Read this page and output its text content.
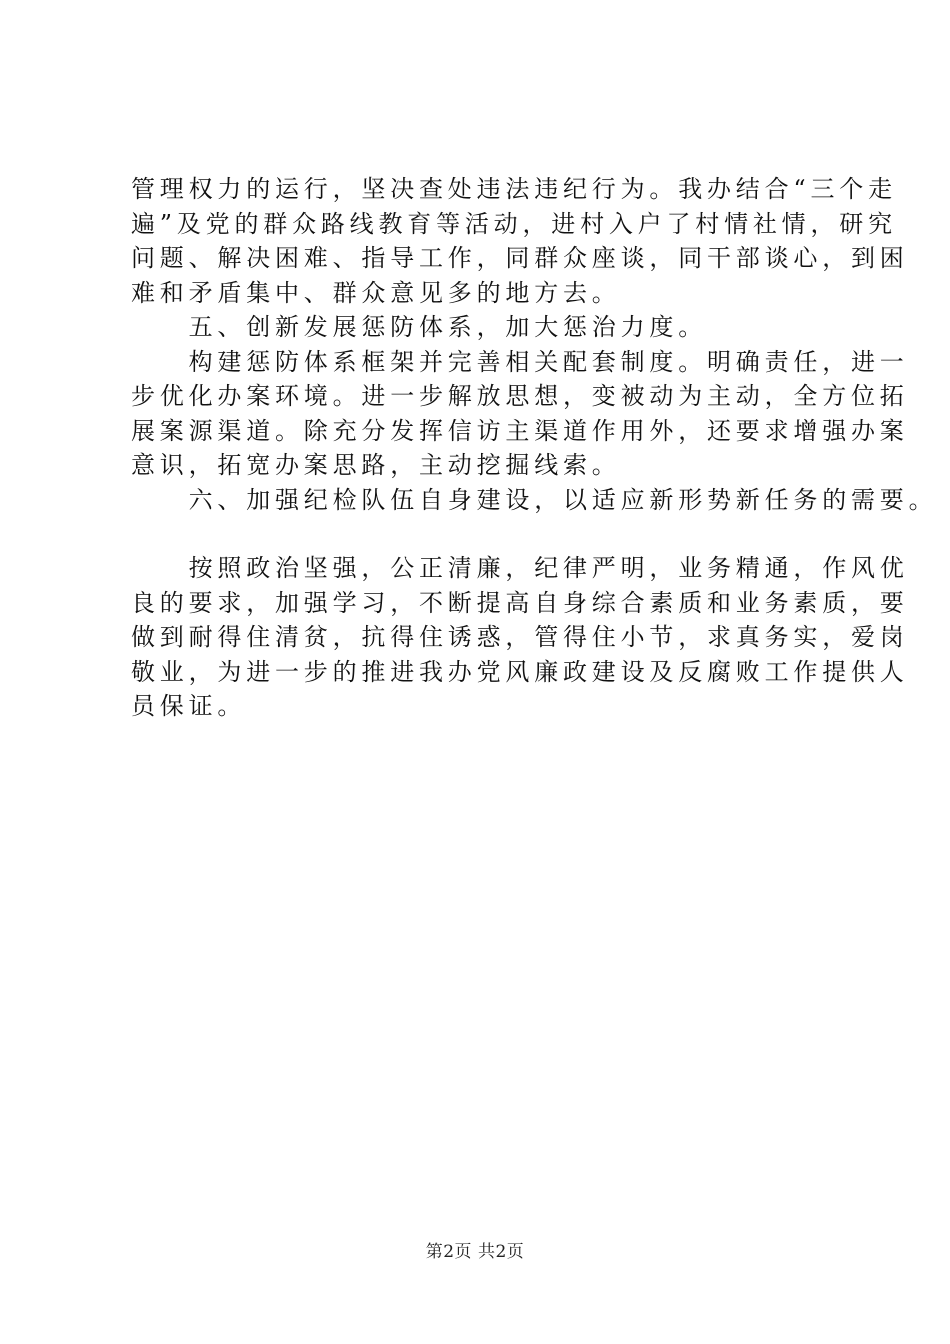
管理权力的运行，坚决查处违法违纪行为。我办结合“三个走
遍”及党的群众路线教育等活动，进村入户了村情社情，研究
问题、解决困难、指导工作，同群众座谈，同干部谈心，到困
难和矛盾集中、群众意见多的地方去。

　　五、创新发展惩防体系，加大惩治力度。

　　构建惩防体系框架并完善相关配套制度。明确责任，进一
步优化办案环境。进一步解放思想，变被动为主动，全方位拓
展案源渠道。除充分发挥信访主渠道作用外，还要求增强办案
意识，拓宽办案思路，主动挖掘线索。

　　六、加强纪检队伍自身建设，以适应新形势新任务的需要。

　　按照政治坚强，公正清廉，纪律严明，业务精通，作风优
良的要求，加强学习，不断提高自身综合素质和业务素质，要
做到耐得住清贫，抗得住诱惑，管得住小节，求真务实，爱岗
敬业，为进一步的推进我办党风廉政建设及反腐败工作提供人
员保证。

第2页 共2页
